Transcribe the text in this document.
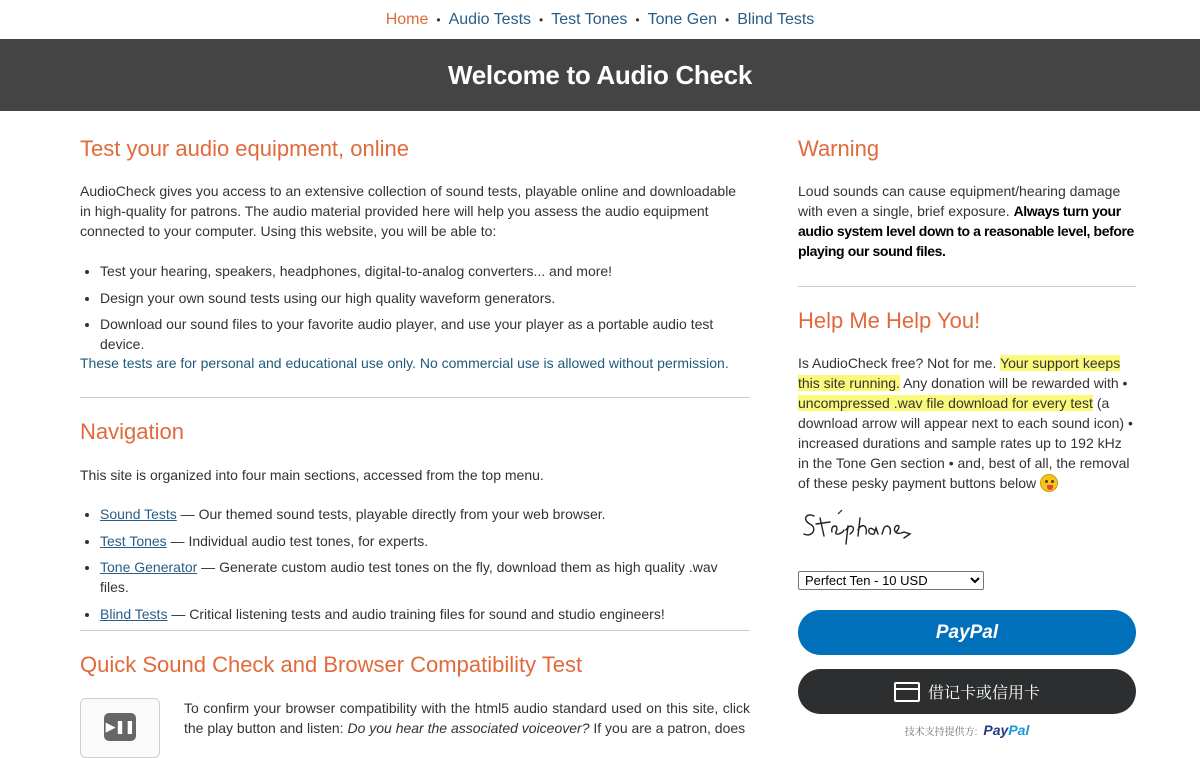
Home • Audio Tests • Test Tones • Tone Gen • Blind Tests
Welcome to Audio Check
Test your audio equipment, online

AudioCheck gives you access to an extensive collection of sound tests, playable online and downloadable in high-quality for patrons. The audio material provided here will help you assess the audio equipment connected to your computer. Using this website, you will be able to:

• Test your hearing, speakers, headphones, digital-to-analog converters... and more!
• Design your own sound tests using our high quality waveform generators.
• Download our sound files to your favorite audio player, and use your player as a portable audio test device.

These tests are for personal and educational use only. No commercial use is allowed without permission.

Navigation

This site is organized into four main sections, accessed from the top menu.

• Sound Tests — Our themed sound tests, playable directly from your web browser.
• Test Tones — Individual audio test tones, for experts.
• Tone Generator — Generate custom audio test tones on the fly, download them as high quality .wav files.
• Blind Tests — Critical listening tests and audio training files for sound and studio engineers!
Quick Sound Check and Browser Compatibility Test
▶❚❚

To confirm your browser compatibility with the html5 audio standard used on this site, click the play button and listen: Do you hear the associated voiceover? If you are a patron, does

Warning

Loud sounds can cause equipment/hearing damage with even a single, brief exposure. Always turn your audio system level down to a reasonable level, before playing our sound files.

Help Me Help You!

Is AudioCheck free? Not for me. Your support keeps this site running. Any donation will be rewarded with • uncompressed .wav file download for every test (a download arrow will appear next to each sound icon) • increased durations and sample rates up to 192 kHz in the Tone Gen section • and, best of all, the removal of these pesky payment buttons below

Perfect Ten - 10 USD
PayPal
借记卡或信用卡
技术支持提供方: PayPal
